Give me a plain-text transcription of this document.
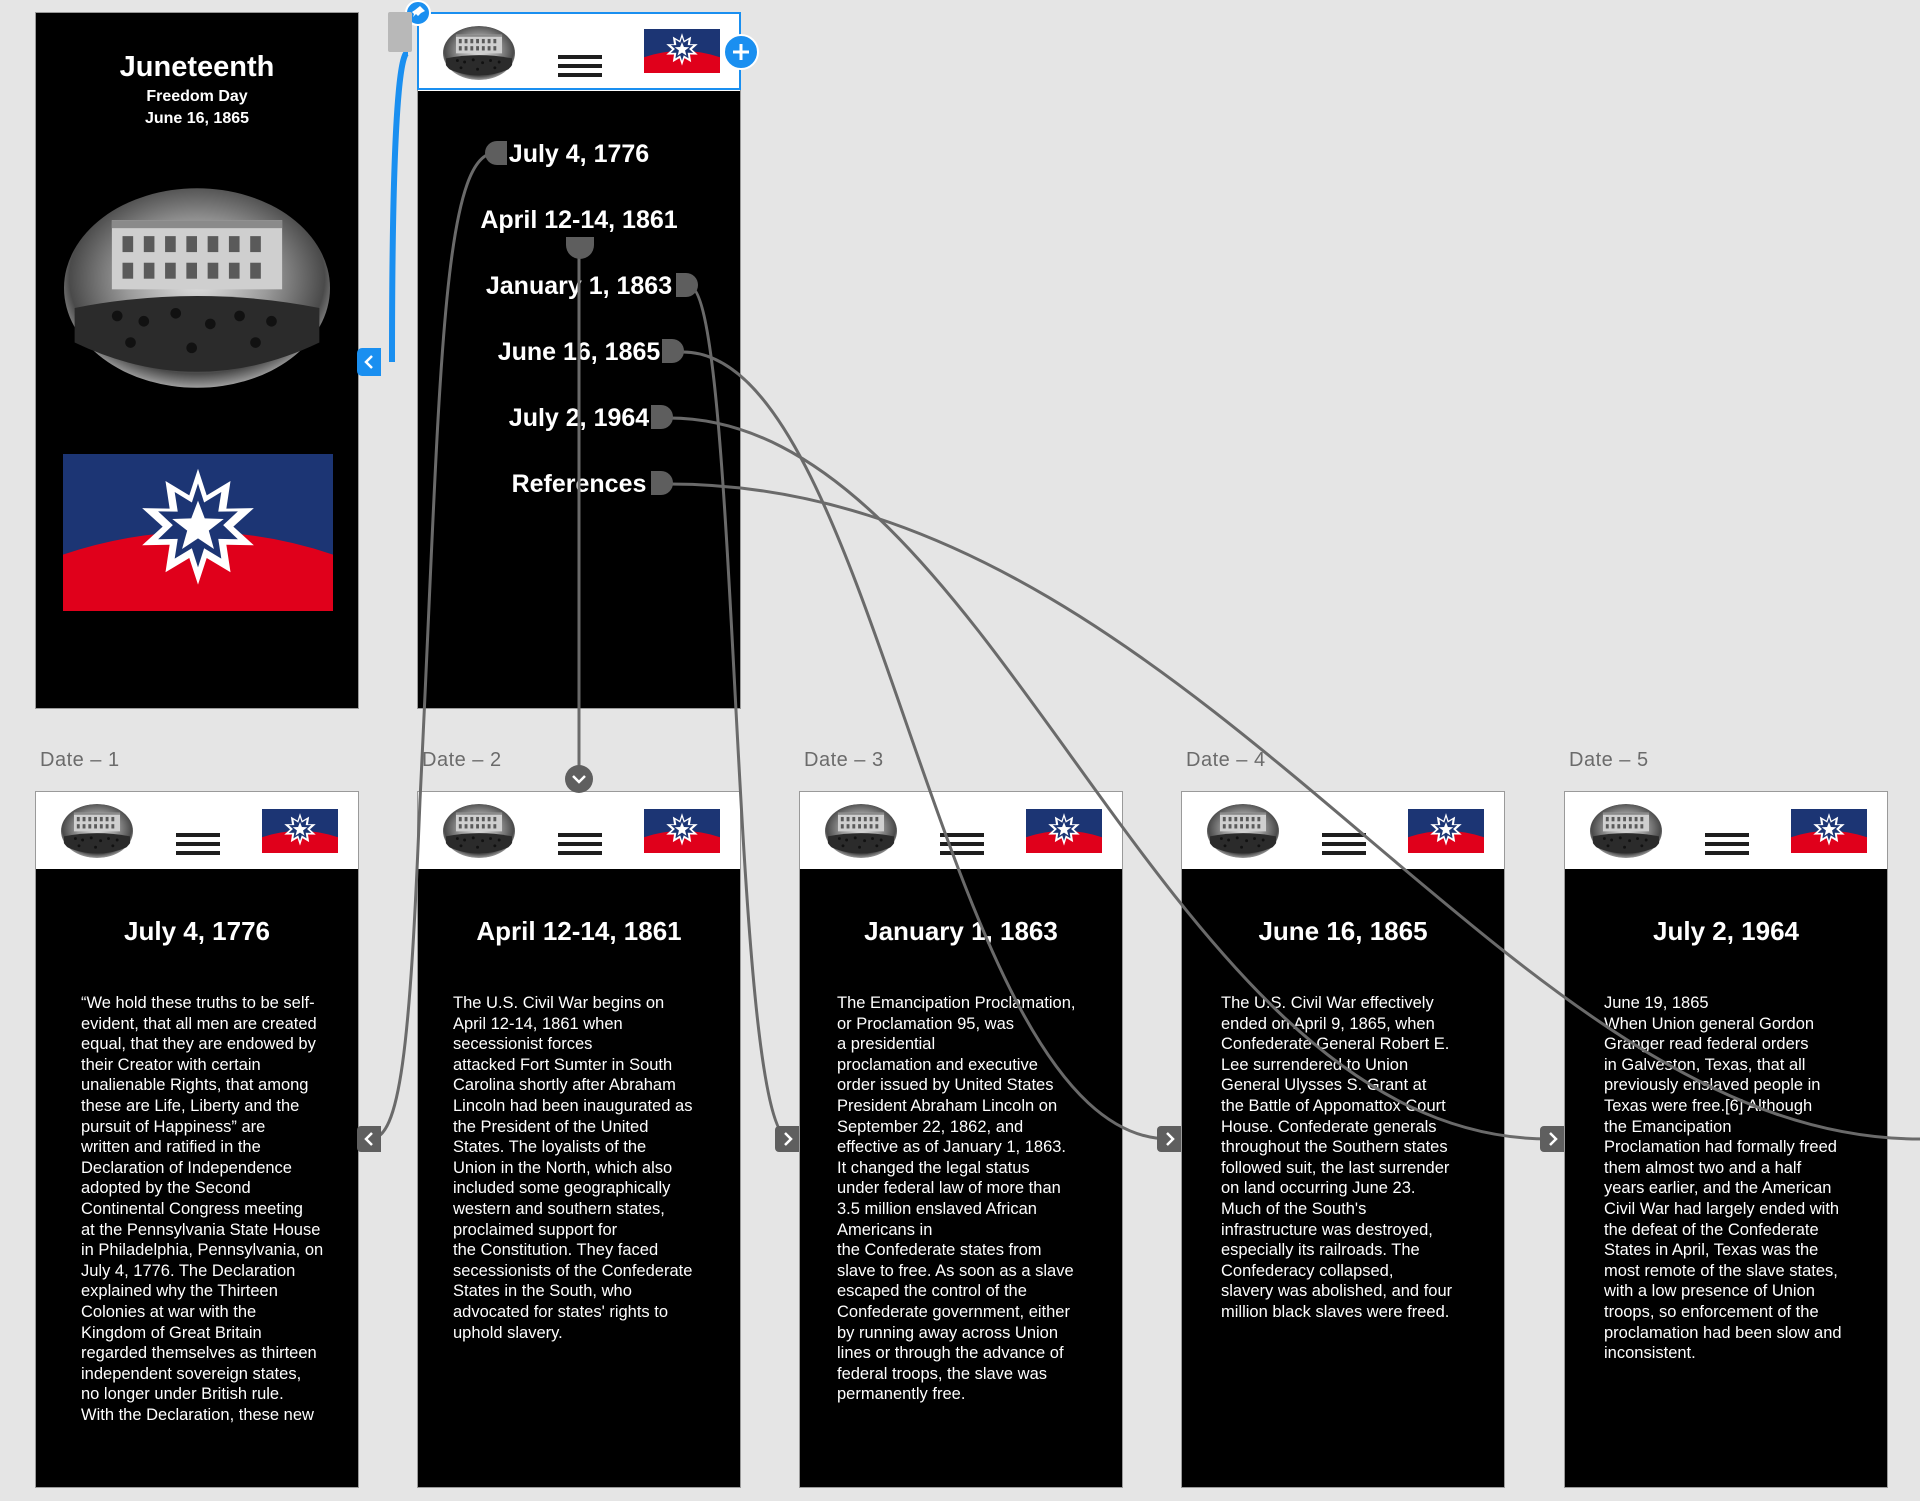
Juneteenth
Freedom Day
June 16, 1865
July 4, 1776
April 12-14, 1861
January 1, 1863
June 16, 1865
July 2, 1964
References
Date – 1	Date – 2	Date – 3	Date – 4	Date – 5
July 4, 1776
“We hold these truths to be self-
evident, that all men are created
equal, that they are endowed by
their Creator with certain
unalienable Rights, that among
these are Life, Liberty and the
pursuit of Happiness” are
written and ratified in the
Declaration of Independence
adopted by the Second
Continental Congress meeting
at the Pennsylvania State House
in Philadelphia, Pennsylvania, on
July 4, 1776. The Declaration
explained why the Thirteen
Colonies at war with the
Kingdom of Great Britain
regarded themselves as thirteen
independent sovereign states,
no longer under British rule.
With the Declaration, these new
April 12-14, 1861
The U.S. Civil War begins on
April 12-14, 1861 when
secessionist forces
attacked Fort Sumter in South
Carolina shortly after Abraham
Lincoln had been inaugurated as
the President of the United
States. The loyalists of the
Union in the North, which also
included some geographically
western and southern states,
proclaimed support for
the Constitution. They faced
secessionists of the Confederate
States in the South, who
advocated for states' rights to
uphold slavery.
January 1, 1863
The Emancipation Proclamation,
or Proclamation 95, was
a presidential
proclamation and executive
order issued by United States
President Abraham Lincoln on
September 22, 1862, and
effective as of January 1, 1863.
It changed the legal status
under federal law of more than
3.5 million enslaved African
Americans in
the Confederate states from
slave to free. As soon as a slave
escaped the control of the
Confederate government, either
by running away across Union
lines or through the advance of
federal troops, the slave was
permanently free.
June 16, 1865
The U.S. Civil War effectively
ended on April 9, 1865, when
Confederate General Robert E.
Lee surrendered to Union
General Ulysses S. Grant at
the Battle of Appomattox Court
House. Confederate generals
throughout the Southern states
followed suit, the last surrender
on land occurring June 23.
Much of the South's
infrastructure was destroyed,
especially its railroads. The
Confederacy collapsed,
slavery was abolished, and four
million black slaves were freed.
July 2, 1964
June 19, 1865
When Union general Gordon
Granger read federal orders
in Galveston, Texas, that all
previously enslaved people in
Texas were free.[6] Although
the Emancipation
Proclamation had formally freed
them almost two and a half
years earlier, and the American
Civil War had largely ended with
the defeat of the Confederate
States in April, Texas was the
most remote of the slave states,
with a low presence of Union
troops, so enforcement of the
proclamation had been slow and
inconsistent.
